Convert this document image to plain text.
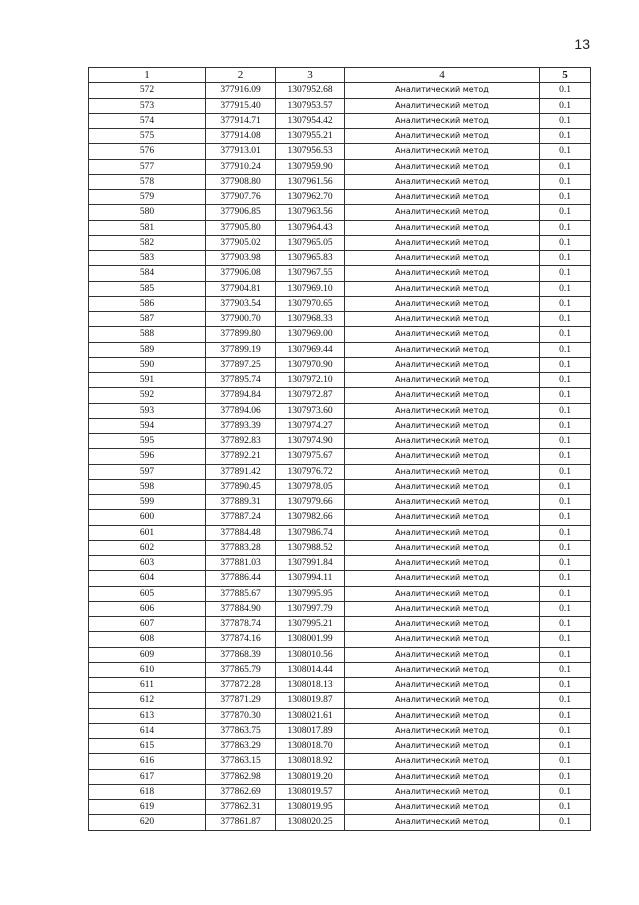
13
1	2	3	4	5
572	377916.09	1307952.68	Аналитический метод	0.1
573	377915.40	1307953.57	Аналитический метод	0.1
574	377914.71	1307954.42	Аналитический метод	0.1
575	377914.08	1307955.21	Аналитический метод	0.1
576	377913.01	1307956.53	Аналитический метод	0.1
577	377910.24	1307959.90	Аналитический метод	0.1
578	377908.80	1307961.56	Аналитический метод	0.1
579	377907.76	1307962.70	Аналитический метод	0.1
580	377906.85	1307963.56	Аналитический метод	0.1
581	377905.80	1307964.43	Аналитический метод	0.1
582	377905.02	1307965.05	Аналитический метод	0.1
583	377903.98	1307965.83	Аналитический метод	0.1
584	377906.08	1307967.55	Аналитический метод	0.1
585	377904.81	1307969.10	Аналитический метод	0.1
586	377903.54	1307970.65	Аналитический метод	0.1
587	377900.70	1307968.33	Аналитический метод	0.1
588	377899.80	1307969.00	Аналитический метод	0.1
589	377899.19	1307969.44	Аналитический метод	0.1
590	377897.25	1307970.90	Аналитический метод	0.1
591	377895.74	1307972.10	Аналитический метод	0.1
592	377894.84	1307972.87	Аналитический метод	0.1
593	377894.06	1307973.60	Аналитический метод	0.1
594	377893.39	1307974.27	Аналитический метод	0.1
595	377892.83	1307974.90	Аналитический метод	0.1
596	377892.21	1307975.67	Аналитический метод	0.1
597	377891.42	1307976.72	Аналитический метод	0.1
598	377890.45	1307978.05	Аналитический метод	0.1
599	377889.31	1307979.66	Аналитический метод	0.1
600	377887.24	1307982.66	Аналитический метод	0.1
601	377884.48	1307986.74	Аналитический метод	0.1
602	377883.28	1307988.52	Аналитический метод	0.1
603	377881.03	1307991.84	Аналитический метод	0.1
604	377886.44	1307994.11	Аналитический метод	0.1
605	377885.67	1307995.95	Аналитический метод	0.1
606	377884.90	1307997.79	Аналитический метод	0.1
607	377878.74	1307995.21	Аналитический метод	0.1
608	377874.16	1308001.99	Аналитический метод	0.1
609	377868.39	1308010.56	Аналитический метод	0.1
610	377865.79	1308014.44	Аналитический метод	0.1
611	377872.28	1308018.13	Аналитический метод	0.1
612	377871.29	1308019.87	Аналитический метод	0.1
613	377870.30	1308021.61	Аналитический метод	0.1
614	377863.75	1308017.89	Аналитический метод	0.1
615	377863.29	1308018.70	Аналитический метод	0.1
616	377863.15	1308018.92	Аналитический метод	0.1
617	377862.98	1308019.20	Аналитический метод	0.1
618	377862.69	1308019.57	Аналитический метод	0.1
619	377862.31	1308019.95	Аналитический метод	0.1
620	377861.87	1308020.25	Аналитический метод	0.1
